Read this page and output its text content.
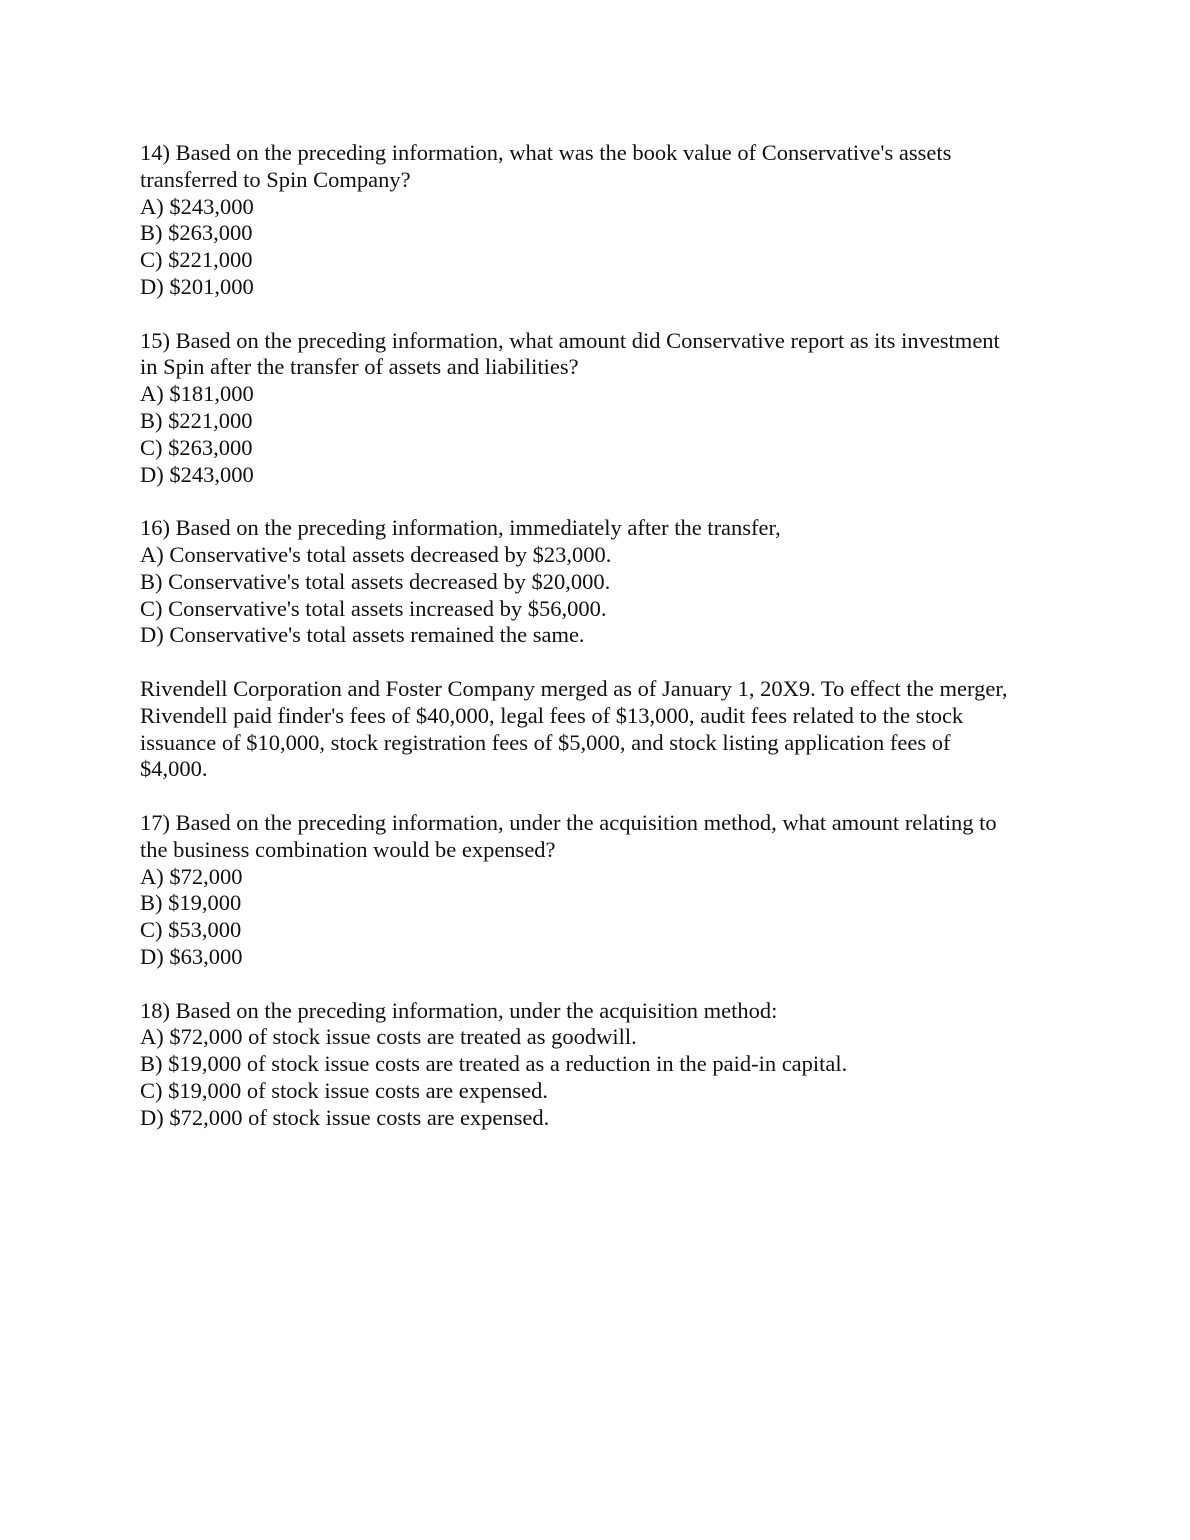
14) Based on the preceding information, what was the book value of Conservative's assets
transferred to Spin Company?
A) $243,000
B) $263,000
C) $221,000
D) $201,000
15) Based on the preceding information, what amount did Conservative report as its investment
in Spin after the transfer of assets and liabilities?
A) $181,000
B) $221,000
C) $263,000
D) $243,000
16) Based on the preceding information, immediately after the transfer,
A) Conservative's total assets decreased by $23,000.
B) Conservative's total assets decreased by $20,000.
C) Conservative's total assets increased by $56,000.
D) Conservative's total assets remained the same.
Rivendell Corporation and Foster Company merged as of January 1, 20X9. To effect the merger,
Rivendell paid finder's fees of $40,000, legal fees of $13,000, audit fees related to the stock
issuance of $10,000, stock registration fees of $5,000, and stock listing application fees of
$4,000.
17) Based on the preceding information, under the acquisition method, what amount relating to
the business combination would be expensed?
A) $72,000
B) $19,000
C) $53,000
D) $63,000
18) Based on the preceding information, under the acquisition method:
A) $72,000 of stock issue costs are treated as goodwill.
B) $19,000 of stock issue costs are treated as a reduction in the paid-in capital.
C) $19,000 of stock issue costs are expensed.
D) $72,000 of stock issue costs are expensed.
